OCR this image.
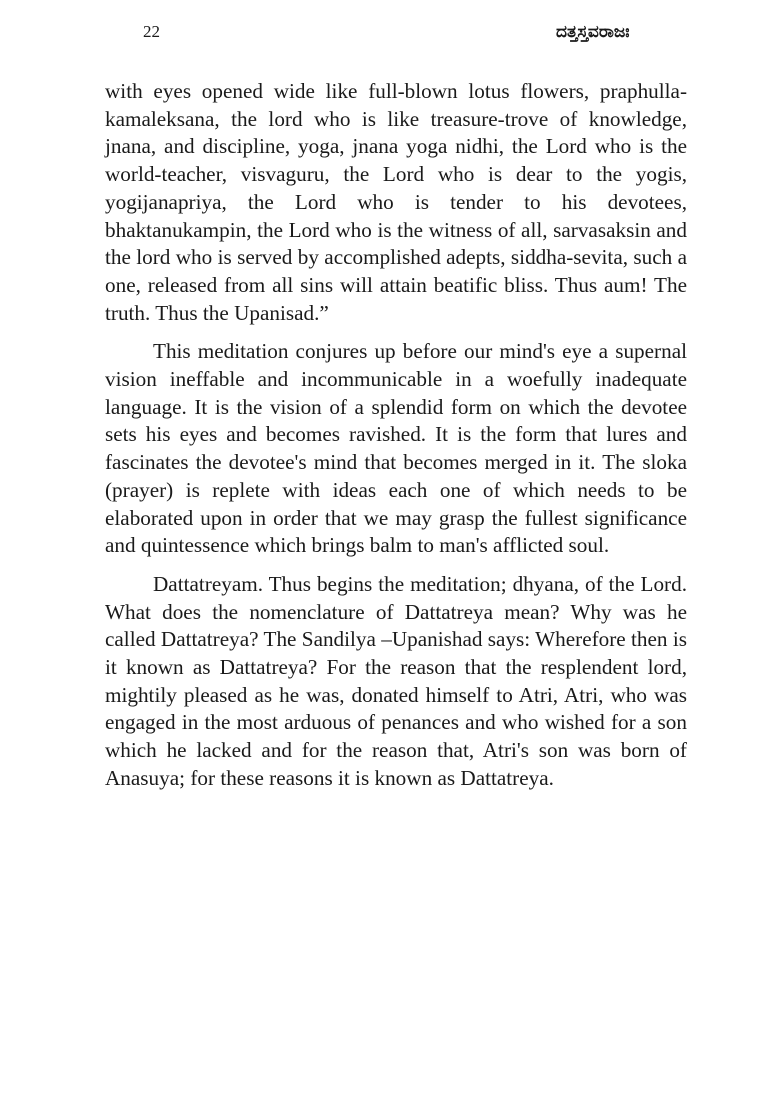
22	ದತ್ತಸ್ತವರಾಜಃ

with eyes opened wide like full-blown lotus flowers, praphulla-kamaleksana, the lord who is like treasure-trove of knowledge, jnana, and discipline, yoga, jnana yoga nidhi, the Lord who is the world-teacher, visvaguru, the Lord who is dear to the yogis, yogijanapriya, the Lord who is tender to his devotees, bhaktanukampin, the Lord who is the witness of all, sarvasaksin and the lord who is served by accomplished adepts, siddha-sevita, such a one, released from all sins will attain beatific bliss. Thus aum! The truth. Thus the Upanisad.”

This meditation conjures up before our mind's eye a supernal vision ineffable and incommunicable in a woefully inadequate language. It is the vision of a splendid form on which the devotee sets his eyes and becomes ravished. It is the form that lures and fascinates the devotee's mind that becomes merged in it. The sloka (prayer) is replete with ideas each one of which needs to be elaborated upon in order that we may grasp the fullest significance and quintessence which brings balm to man's afflicted soul.

Dattatreyam. Thus begins the meditation; dhyana, of the Lord. What does the nomenclature of Dattatreya mean? Why was he called Dattatreya? The Sandilya –Upanishad says: Wherefore then is it known as Dattatreya? For the reason that the resplendent lord, mightily pleased as he was, donated himself to Atri, Atri, who was engaged in the most arduous of penances and who wished for a son which he lacked and for the reason that, Atri's son was born of Anasuya; for these reasons it is known as Dattatreya.
